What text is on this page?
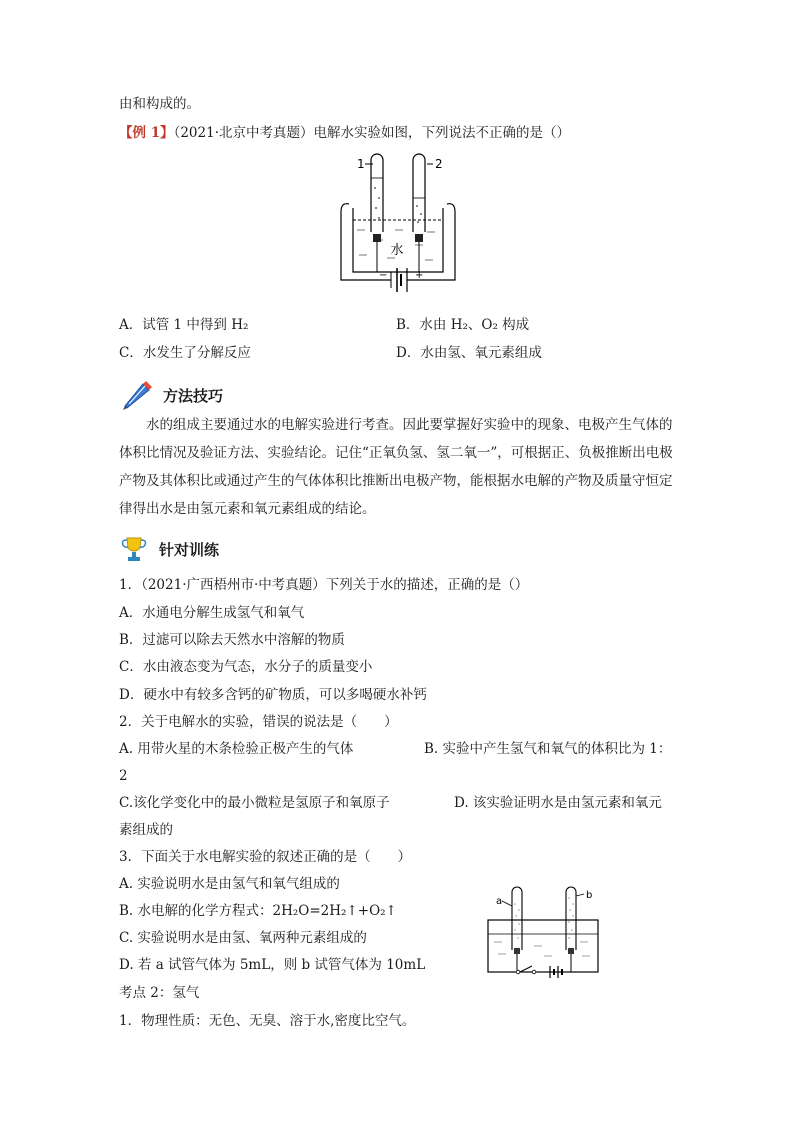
由和构成的。
【例 1】（2021·北京中考真题）电解水实验如图，下列说法不正确的是（）
1	2
水
−	+
A．试管 1 中得到 H₂	B．水由 H₂、O₂ 构成
C．水发生了分解反应	D．水由氢、氧元素组成
方法技巧
水的组成主要通过水的电解实验进行考查。因此要掌握好实验中的现象、电极产生气体的体积比情况及验证方法、实验结论。记住“正氧负氢、氢二氧一”，可根据正、负极推断出电极产物及其体积比或通过产生的气体体积比推断出电极产物，能根据水电解的产物及质量守恒定律得出水是由氢元素和氧元素组成的结论。
针对训练
1．（2021·广西梧州市·中考真题）下列关于水的描述，正确的是（）
A．水通电分解生成氢气和氧气
B．过滤可以除去天然水中溶解的物质
C．水由液态变为气态，水分子的质量变小
D．硬水中有较多含钙的矿物质，可以多喝硬水补钙
2．关于电解水的实验，错误的说法是（　　）
A. 用带火星的木条检验正极产生的气体	B. 实验中产生氢气和氧气的体积比为 1：
2
C.该化学变化中的最小微粒是氢原子和氧原子	D. 该实验证明水是由氢元素和氧元
素组成的
3．下面关于水电解实验的叙述正确的是（　　）
A. 实验说明水是由氢气和氧气组成的
B. 水电解的化学方程式：2H₂O=2H₂↑+O₂↑
C. 实验说明水是由氢、氧两种元素组成的
D. 若 a 试管气体为 5mL，则 b 试管气体为 10mL
a
b
考点 2：氢气
1．物理性质：无色、无臭、溶于水,密度比空气。
